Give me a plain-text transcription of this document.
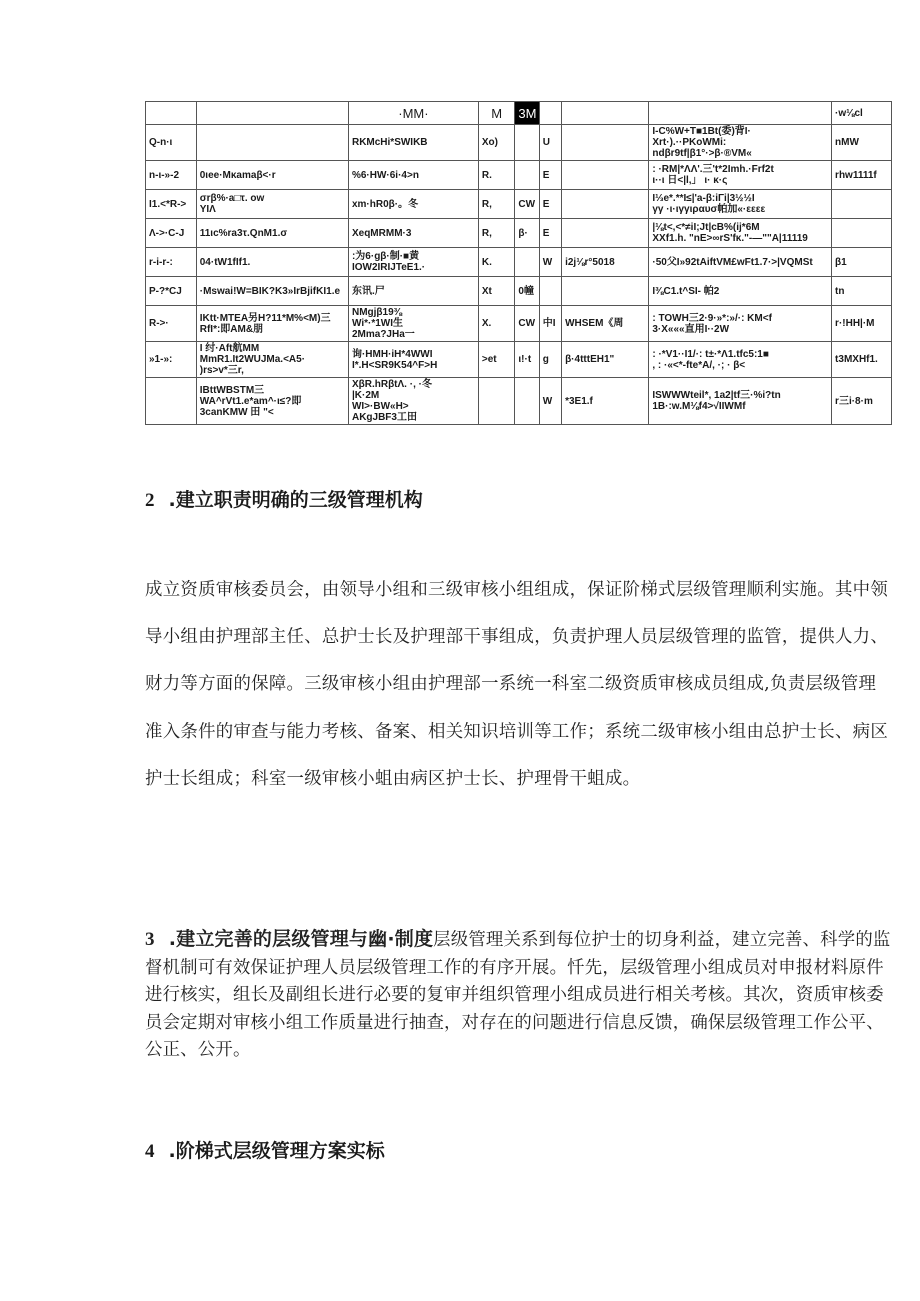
		·MM·	M	3M				·w⅛cl
Q-n·ι		RKMcHi*SWIKB	Xo)		U		I-C%W+T■1Bt(委)背I·
Xrt·).··PKoWMi:
ndβr9tf|β1°·>β·®VM«	nMW
n-ι-»-2	0ιee·Mκamaβ<·r	%6·HW·6i·4>n	R.		E		: ·RM|*ΛΛ'.三't*2Imh.·Frf2t
ι··ι 日<|l,」 ι· κ·ς	rhw1111f
I1.<*R->	σrβ%·a□τ. ow
YΙΛ	xm·hR0β·。冬	R,	CW	E		I⅓e*.**I≤|'a-β:iΓi|3½½I
γγ ·ι·ιγγιραυσ帕加«·εεεε	
Λ->·C-J	11ιc%ra3τ.QnM1.σ	XeqMRMM·3	R,	β·	E		|⅛t<,<*≠iI;Jt|cB%(ij*6M
XXf1.h. "nE>∞rS'fκ."-—""A|11119	
r-i-r-:	04·tW1fIf1.	:为6·gβ·制·■黄
IOW2IRIJTeE1.·	K.		W	i2j⅛r°5018	·50父I»92tAiftVM£wFt1.7·>|VQMSt	β1
P-?*CJ	·Mswai!W=BIK?K3»IrBjifKI1.e	东讯.尸	Xt	0幢			I⅜C1.t^SI- 帕2	tn
R->·	IKtt·MTEA另H?11*M%<M)三
RfI*:即AM&朋	NMgjβ19⅜
Wi*·*1WI生
2Mma?JHa一	X.	CW	中I	WHSEM《周	: TOWH三2·9·»*:»/·: KM<f
3·X«««直用I··2W	r·!HH|·M
»1-»:	I 纣·Aft航MM
MmR1.It2WUJMa.<A5·
)rs>v*三r,	询·HMH·iH*4WWI
I*.H<SR9K54^F>H	>et	ι!·t	g	β·4tttEH1"	: ·*V1··I1/·: t±·*Λ1.tfc5:1■
, : ·«<*-fte*A/, ·; · β<	t3MXHf1.
	IBttWBSTM三
WA^rVt1.e*am^·ι≤?即
3canKMW 田 "<	XβR.hRβtΛ. ·, ·冬
|K·2M
WI>·BW«H>
AKgJBF3工田			W	*3E1.f	ISWWWteil*, 1a2|tf三·%i?tn
1B·:w.M⅛f4>√IIWMf	r三i·8·m
2 .建立职责明确的三级管理机构

成立资质审核委员会，由领导小组和三级审核小组组成，保证阶梯式层级管理顺利实施。其中领导小组由护理部主任、总护士长及护理部干事组成，负责护理人员层级管理的监管，提供人力、财力等方面的保障。三级审核小组由护理部一系统一科室二级资质审核成员组成,负责层级管理准入条件的审查与能力考核、备案、相关知识培训等工作；系统二级审核小组由总护士长、病区护士长组成；科室一级审核小蛆由病区护士长、护理骨干蛆成。

3 .建立完善的层级管理与幽·制度层级管理关系到每位护士的切身利益，建立完善、科学的监督机制可有效保证护理人员层级管理工作的有序开展。忏先，层级管理小组成员对申报材料原件进行核实，组长及副组长进行必要的复审并组织管理小组成员进行相关考核。其次，资质审核委员会定期对审核小组工作质量进行抽查，对存在的问题进行信息反馈，确保层级管理工作公平、公正、公开。

4 .阶梯式层级管理方案实标
